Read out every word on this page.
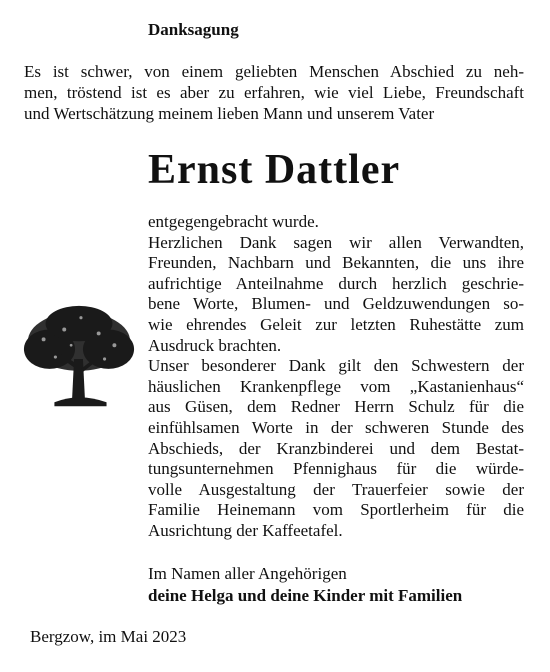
Danksagung

Es ist schwer, von einem geliebten Menschen Abschied zu neh-
men, tröstend ist es aber zu erfahren, wie viel Liebe, Freundschaft
und Wertschätzung meinem lieben Mann und unserem Vater

Ernst Dattler
entgegengebracht wurde.
Herzlichen Dank sagen wir allen Verwandten,
Freunden, Nachbarn und Bekannten, die uns ihre
aufrichtige Anteilnahme durch herzlich geschrie-
bene Worte, Blumen- und Geldzuwendungen so-
wie ehrendes Geleit zur letzten Ruhestätte zum
Ausdruck brachten.
Unser besonderer Dank gilt den Schwestern der
häuslichen Krankenpflege vom „Kastanienhaus“
aus Güsen, dem Redner Herrn Schulz für die
einfühlsamen Worte in der schweren Stunde des
Abschieds, der Kranzbinderei und dem Bestat-
tungsunternehmen Pfennighaus für die würde-
volle Ausgestaltung der Trauerfeier sowie der
Familie Heinemann vom Sportlerheim für die
Ausrichtung der Kaffeetafel.
Im Namen aller Angehörigen
deine Helga und deine Kinder mit Familien
Bergzow, im Mai 2023
